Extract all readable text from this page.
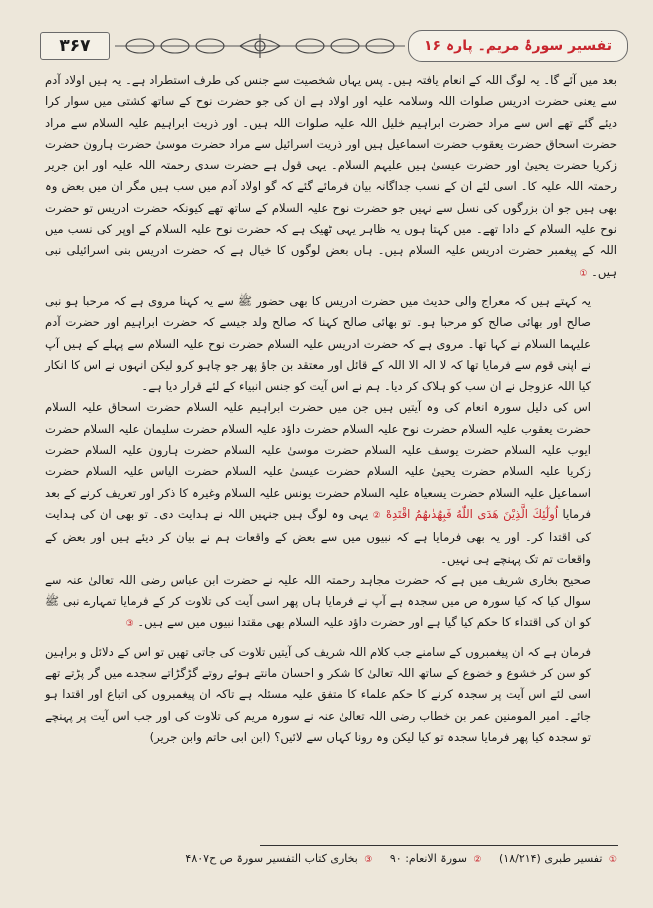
۳۶۷	تفسیر سورۂ مریم۔ پارہ ۱۶

بعد میں آئے گا۔ یہ لوگ اللہ کے انعام یافتہ ہیں۔ پس یہاں شخصیت سے جنس کی طرف استطراد ہے۔ یہ ہیں اولاد آدم سے یعنی حضرت ادریس صلوات اللہ وسلامہ علیہ اور اولاد ہے ان کی جو حضرت نوح کے ساتھ کشتی میں سوار کرا دیئے گئے تھے اس سے مراد حضرت ابراہیم خلیل اللہ علیہ صلوات اللہ ہیں۔ اور ذریت ابراہیم علیہ السلام سے مراد حضرت اسحاق حضرت یعقوب حضرت اسماعیل ہیں اور ذریت اسرائیل سے مراد حضرت موسیٰ حضرت ہارون حضرت زکریا حضرت یحییٰ اور حضرت عیسیٰ ہیں علیہم السلام۔ یہی قول ہے حضرت سدی رحمتہ اللہ علیہ اور ابن جریر رحمتہ اللہ علیہ کا۔ اسی لئے ان کے نسب جداگانہ بیان فرمائے گئے کہ گو اولاد آدم میں سب ہیں مگر ان میں بعض وہ بھی ہیں جو ان بزرگوں کی نسل سے نہیں جو حضرت نوح علیہ السلام کے ساتھ تھے کیونکہ حضرت ادریس تو حضرت نوح علیہ السلام کے دادا تھے۔ میں کہتا ہوں یہ ظاہر یہی ٹھیک ہے کہ حضرت نوح علیہ السلام کے اوپر کی نسب میں اللہ کے پیغمبر حضرت ادریس علیہ السلام ہیں۔ ہاں بعض لوگوں کا خیال ہے کہ حضرت ادریس بنی اسرائیلی نبی ہیں۔ ①

یہ کہتے ہیں کہ معراج والی حدیث میں حضرت ادریس کا بھی حضور ﷺ سے یہ کہنا مروی ہے کہ مرحبا ہو نبی صالح اور بھائی صالح کو مرحبا ہو۔ تو بھائی صالح کہنا کہ صالح ولد جیسے کہ حضرت ابراہیم اور حضرت آدم علیہما السلام نے کہا تھا۔ مروی ہے کہ حضرت ادریس علیہ السلام حضرت نوح علیہ السلام سے پہلے کے ہیں آپ نے اپنی قوم سے فرمایا تھا کہ لا الہ الا اللہ کے قائل اور معتقد بن جاؤ پھر جو چاہو کرو لیکن انہوں نے اس کا انکار کیا اللہ عزوجل نے ان سب کو ہلاک کر دیا۔ ہم نے اس آیت کو جنس انبیاء کے لئے قرار دیا ہے۔

اس کی دلیل سورہ انعام کی وہ آیتیں ہیں جن میں حضرت ابراہیم علیہ السلام حضرت اسحاق علیہ السلام حضرت یعقوب علیہ السلام حضرت نوح علیہ السلام حضرت داؤد علیہ السلام حضرت سلیمان علیہ السلام حضرت ایوب علیہ السلام حضرت یوسف علیہ السلام حضرت موسیٰ علیہ السلام حضرت ہارون علیہ السلام حضرت زکریا علیہ السلام حضرت یحییٰ علیہ السلام حضرت عیسیٰ علیہ السلام حضرت الیاس علیہ السلام حضرت اسماعیل علیہ السلام حضرت یسعیاہ علیہ السلام حضرت یونس علیہ السلام وغیرہ کا ذکر اور تعریف کرنے کے بعد فرمایا اُولٰٓئِكَ الَّذِیْنَ هَدَى اللّٰهُ فَبِهُدٰىهُمُ اقْتَدِهْ ② یہی وہ لوگ ہیں جنہیں اللہ نے ہدایت دی۔ تو بھی ان کی ہدایت کی اقتدا کر۔ اور یہ بھی فرمایا ہے کہ نبیوں میں سے بعض کے واقعات ہم نے بیان کر دیئے ہیں اور بعض کے واقعات تم تک پہنچے ہی نہیں۔

صحیح بخاری شریف میں ہے کہ حضرت مجاہد رحمتہ اللہ علیہ نے حضرت ابن عباس رضی اللہ تعالیٰ عنہ سے سوال کیا کہ کیا سورہ ص میں سجدہ ہے آپ نے فرمایا ہاں پھر اسی آیت کی تلاوت کر کے فرمایا تمہارے نبی ﷺ کو ان کی اقتداء کا حکم کیا گیا ہے اور حضرت داؤد علیہ السلام بھی مقتدا نبیوں میں سے ہیں۔ ③

فرمان ہے کہ ان پیغمبروں کے سامنے جب کلام اللہ شریف کی آیتیں تلاوت کی جاتی تھیں تو اس کے دلائل و براہین کو سن کر خشوع و خضوع کے ساتھ اللہ تعالیٰ کا شکر و احسان مانتے ہوئے روتے گڑگڑاتے سجدے میں گر پڑتے تھے اسی لئے اس آیت پر سجدہ کرنے کا حکم علماء کا متفق علیہ مسئلہ ہے تاکہ ان پیغمبروں کی اتباع اور اقتدا ہو جائے۔ امیر المومنین عمر بن خطاب رضی اللہ تعالیٰ عنہ نے سورہ مریم کی تلاوت کی اور جب اس آیت پر پہنچے تو سجدہ کیا پھر فرمایا سجدہ تو کیا لیکن وہ رونا کہاں سے لائیں؟ (ابن ابی حاتم وابن جریر)

① تفسیر طبری (۱۸/۲۱۴) ② سورۃ الانعام: ۹۰ ③ بخاری كتاب التفسیر سورۃ ص ح۴۸۰۷
